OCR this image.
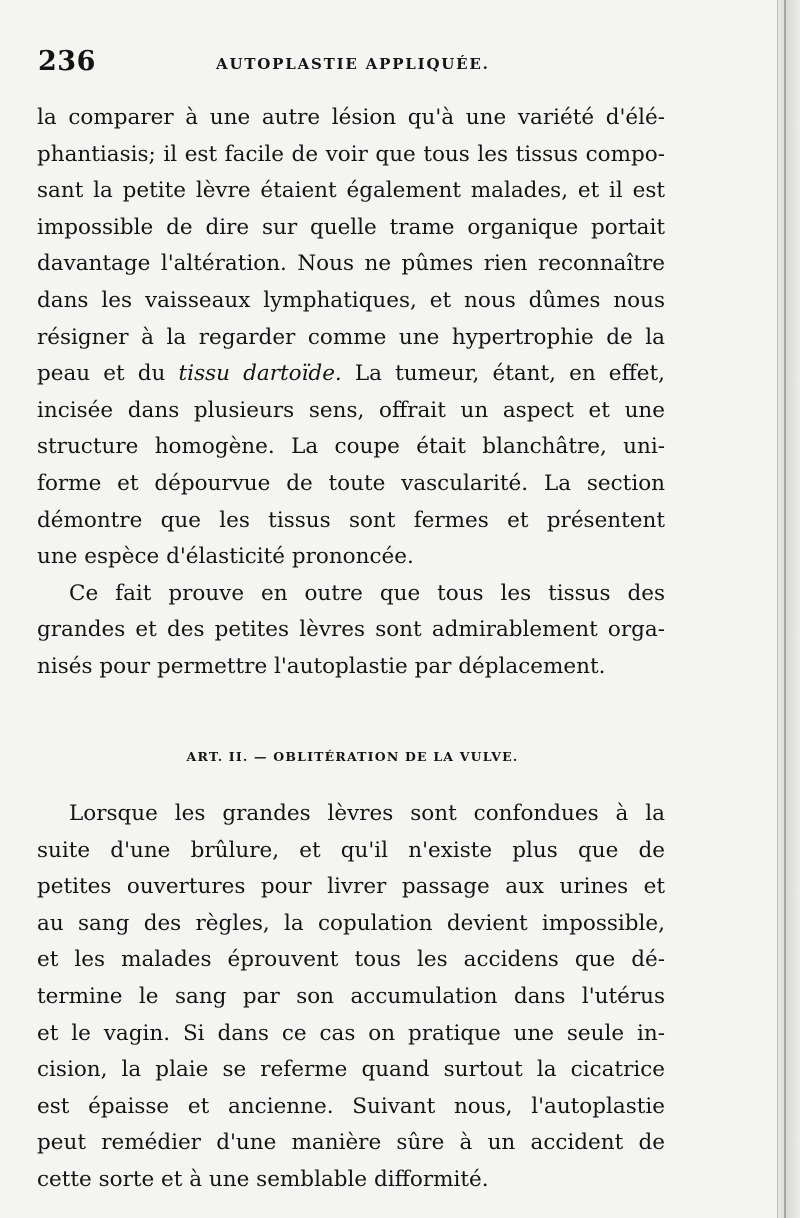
236	AUTOPLASTIE APPLIQUÉE.
la comparer à une autre lésion qu'à une variété d'élé-
phantiasis; il est facile de voir que tous les tissus compo-
sant la petite lèvre étaient également malades, et il est
impossible de dire sur quelle trame organique portait
davantage l'altération. Nous ne pûmes rien reconnaître
dans les vaisseaux lymphatiques, et nous dûmes nous
résigner à la regarder comme une hypertrophie de la
peau et du tissu dartoïde. La tumeur, étant, en effet,
incisée dans plusieurs sens, offrait un aspect et une
structure homogène. La coupe était blanchâtre, uni-
forme et dépourvue de toute vascularité. La section
démontre que les tissus sont fermes et présentent
une espèce d'élasticité prononcée.
Ce fait prouve en outre que tous les tissus des
grandes et des petites lèvres sont admirablement orga-
nisés pour permettre l'autoplastie par déplacement.
ART. II. — OBLITÉRATION DE LA VULVE.
Lorsque les grandes lèvres sont confondues à la
suite d'une brûlure, et qu'il n'existe plus que de
petites ouvertures pour livrer passage aux urines et
au sang des règles, la copulation devient impossible,
et les malades éprouvent tous les accidens que dé-
termine le sang par son accumulation dans l'utérus
et le vagin. Si dans ce cas on pratique une seule in-
cision, la plaie se referme quand surtout la cicatrice
est épaisse et ancienne. Suivant nous, l'autoplastie
peut remédier d'une manière sûre à un accident de
cette sorte et à une semblable difformité.
